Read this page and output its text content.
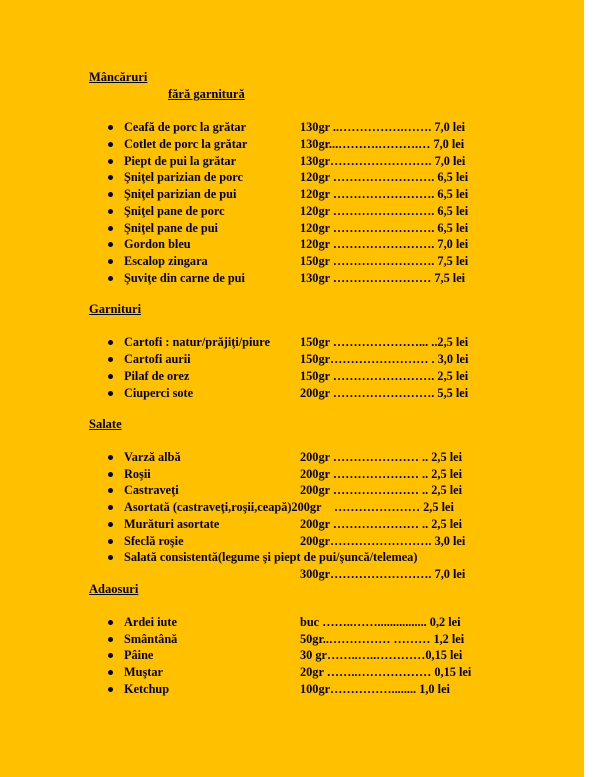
Mâncăruri
fără garnitură
Ceafă de porc la grătar	130gr ..…………….……. 7,0 lei
Cotlet de porc la grătar	130gr...……….……….… 7,0 lei
Piept de pui la grătar	130gr……………………. 7,0 lei
Şniţel parizian de porc	120gr ……………………. 6,5 lei
Şniţel parizian de pui	120gr ……………………. 6,5 lei
Şniţel pane de porc	120gr ……………………. 6,5 lei
Şniţel pane de pui	120gr ……………………. 6,5 lei
Gordon bleu	120gr ……………………. 7,0 lei
Escalop zingara	150gr ……………………. 7,5 lei
Şuviţe din carne de pui	130gr …………………… 7,5 lei
Garnituri
Cartofi : natur/prăjiţi/piure 150gr …………………... ..2,5 lei
Cartofi aurii	150gr…………………… . 3,0 lei
Pilaf de orez	150gr ……………………. 2,5 lei
Ciuperci sote	200gr ……………………. 5,5 lei
Salate
Varză albă	200gr ………………… .. 2,5 lei
Roşii	200gr ………………… .. 2,5 lei
Castraveţi	200gr ………………… .. 2,5 lei
Asortată (castraveţi,roşii,ceapă)200gr ………………… 2,5 lei
Murături asortate	200gr ………………… .. 2,5 lei
Sfeclă roşie	200gr……………………. 3,0 lei
Salată consistentă(legume şi piept de pui/şuncă/telemea)
300gr……………………. 7,0 lei
Adaosuri
Ardei iute	buc ……..……................ 0,2 lei
Smântână	50gr..…………… ……… 1,2 lei
Pâine	30 gr……..…..…………0,15 lei
Muştar	20gr ……..……………… 0,15 lei
Ketchup	100gr……………........ 1,0 lei
